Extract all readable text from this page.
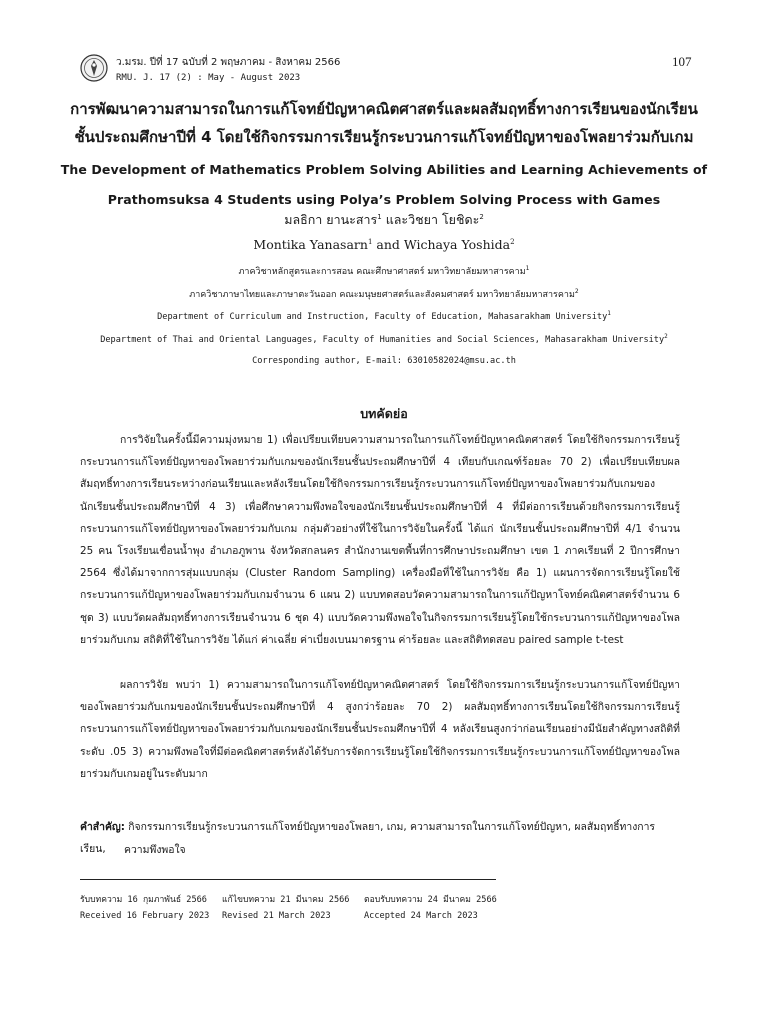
ว.มรม. ปีที่ 17 ฉบับที่ 2 พฤษภาคม - สิงหาคม 2566
RMU. J. 17 (2) : May - August 2023
107
การพัฒนาความสามารถในการแก้โจทย์ปัญหาคณิตศาสตร์และผลสัมฤทธิ์ทางการเรียนของนักเรียน
ชั้นประถมศึกษาปีที่ 4 โดยใช้กิจกรรมการเรียนรู้กระบวนการแก้โจทย์ปัญหาของโพลยาร่วมกับเกม
The Development of Mathematics Problem Solving Abilities and Learning Achievements of
Prathomsuksa 4 Students using Polya’s Problem Solving Process with Games
มลธิกา ยานะสาร$^1$ และวิชยา โยชิดะ$^2$
Montika Yanasarn$^1$ and Wichaya Yoshida$^2$
ภาควิชาหลักสูตรและการสอน คณะศึกษาศาสตร์ มหาวิทยาลัยมหาสารคาม$^1$
ภาควิชาภาษาไทยและภาษาตะวันออก คณะมนุษยศาสตร์และสังคมศาสตร์ มหาวิทยาลัยมหาสารคาม$^2$
Department of Curriculum and Instruction, Faculty of Education, Mahasarakham University$^1$
Department of Thai and Oriental Languages, Faculty of Humanities and Social Sciences, Mahasarakham University$^2$
Corresponding author, E-mail: 63010582024@msu.ac.th
บทคัดย่อ
การวิจัยในครั้งนี้มีความมุ่งหมาย 1) เพื่อเปรียบเทียบความสามารถในการแก้โจทย์ปัญหาคณิตศาสตร์ โดยใช้กิจกรรมการเรียนรู้กระบวนการแก้โจทย์ปัญหาของโพลยาร่วมกับเกมของนักเรียนชั้นประถมศึกษาปีที่ 4 เทียบกับเกณฑ์ร้อยละ 70 2) เพื่อเปรียบเทียบผลสัมฤทธิ์ทางการเรียนระหว่างก่อนเรียนและหลังเรียนโดยใช้กิจกรรมการเรียนรู้กระบวนการแก้โจทย์ปัญหาของโพลยาร่วมกับเกมของนักเรียนชั้นประถมศึกษาปีที่ 4 3) เพื่อศึกษาความพึงพอใจของนักเรียนชั้นประถมศึกษาปีที่ 4 ที่มีต่อการเรียนด้วยกิจกรรมการเรียนรู้กระบวนการแก้โจทย์ปัญหาของโพลยาร่วมกับเกม กลุ่มตัวอย่างที่ใช้ในการวิจัยในครั้งนี้ ได้แก่ นักเรียนชั้นประถมศึกษาปีที่ 4/1 จำนวน 25 คน โรงเรียนเขื่อนน้ำพุง อำเภอภูพาน จังหวัดสกลนคร สำนักงานเขตพื้นที่การศึกษาประถมศึกษา เขต 1 ภาคเรียนที่ 2 ปีการศึกษา 2564 ซึ่งได้มาจากการสุ่มแบบกลุ่ม (Cluster Random Sampling) เครื่องมือที่ใช้ในการวิจัย คือ 1) แผนการจัดการเรียนรู้โดยใช้กระบวนการแก้ปัญหาของโพลยาร่วมกับเกมจำนวน 6 แผน 2) แบบทดสอบวัดความสามารถในการแก้ปัญหาโจทย์คณิตศาสตร์จำนวน 6 ชุด 3) แบบวัดผลสัมฤทธิ์ทางการเรียนจำนวน 6 ชุด 4) แบบวัดความพึงพอใจในกิจกรรมการเรียนรู้โดยใช้กระบวนการแก้ปัญหาของโพลยาร่วมกับเกม สถิติที่ใช้ในการวิจัย ได้แก่ ค่าเฉลี่ย ค่าเบี่ยงเบนมาตรฐาน ค่าร้อยละ และสถิติทดสอบ paired sample t-test
ผลการวิจัย พบว่า 1) ความสามารถในการแก้โจทย์ปัญหาคณิตศาสตร์ โดยใช้กิจกรรมการเรียนรู้กระบวนการแก้โจทย์ปัญหาของโพลยาร่วมกับเกมของนักเรียนชั้นประถมศึกษาปีที่ 4 สูงกว่าร้อยละ 70 2) ผลสัมฤทธิ์ทางการเรียนโดยใช้กิจกรรมการเรียนรู้กระบวนการแก้โจทย์ปัญหาของโพลยาร่วมกับเกมของนักเรียนชั้นประถมศึกษาปีที่ 4 หลังเรียนสูงกว่าก่อนเรียนอย่างมีนัยสำคัญทางสถิติที่ระดับ .05 3) ความพึงพอใจที่มีต่อคณิตศาสตร์หลังได้รับการจัดการเรียนรู้โดยใช้กิจกรรมการเรียนรู้กระบวนการแก้โจทย์ปัญหาของโพลยาร่วมกับเกมอยู่ในระดับมาก
คำสำคัญ: กิจกรรมการเรียนรู้กระบวนการแก้โจทย์ปัญหาของโพลยา, เกม, ความสามารถในการแก้โจทย์ปัญหา, ผลสัมฤทธิ์ทางการเรียน,	ความพึงพอใจ
รับบทความ 16 กุมภาพันธ์ 2566 แก้ไขบทความ 21 มีนาคม 2566 ตอบรับบทความ 24 มีนาคม 2566
Received 16 February 2023 Revised 21 March 2023	Accepted 24 March 2023
